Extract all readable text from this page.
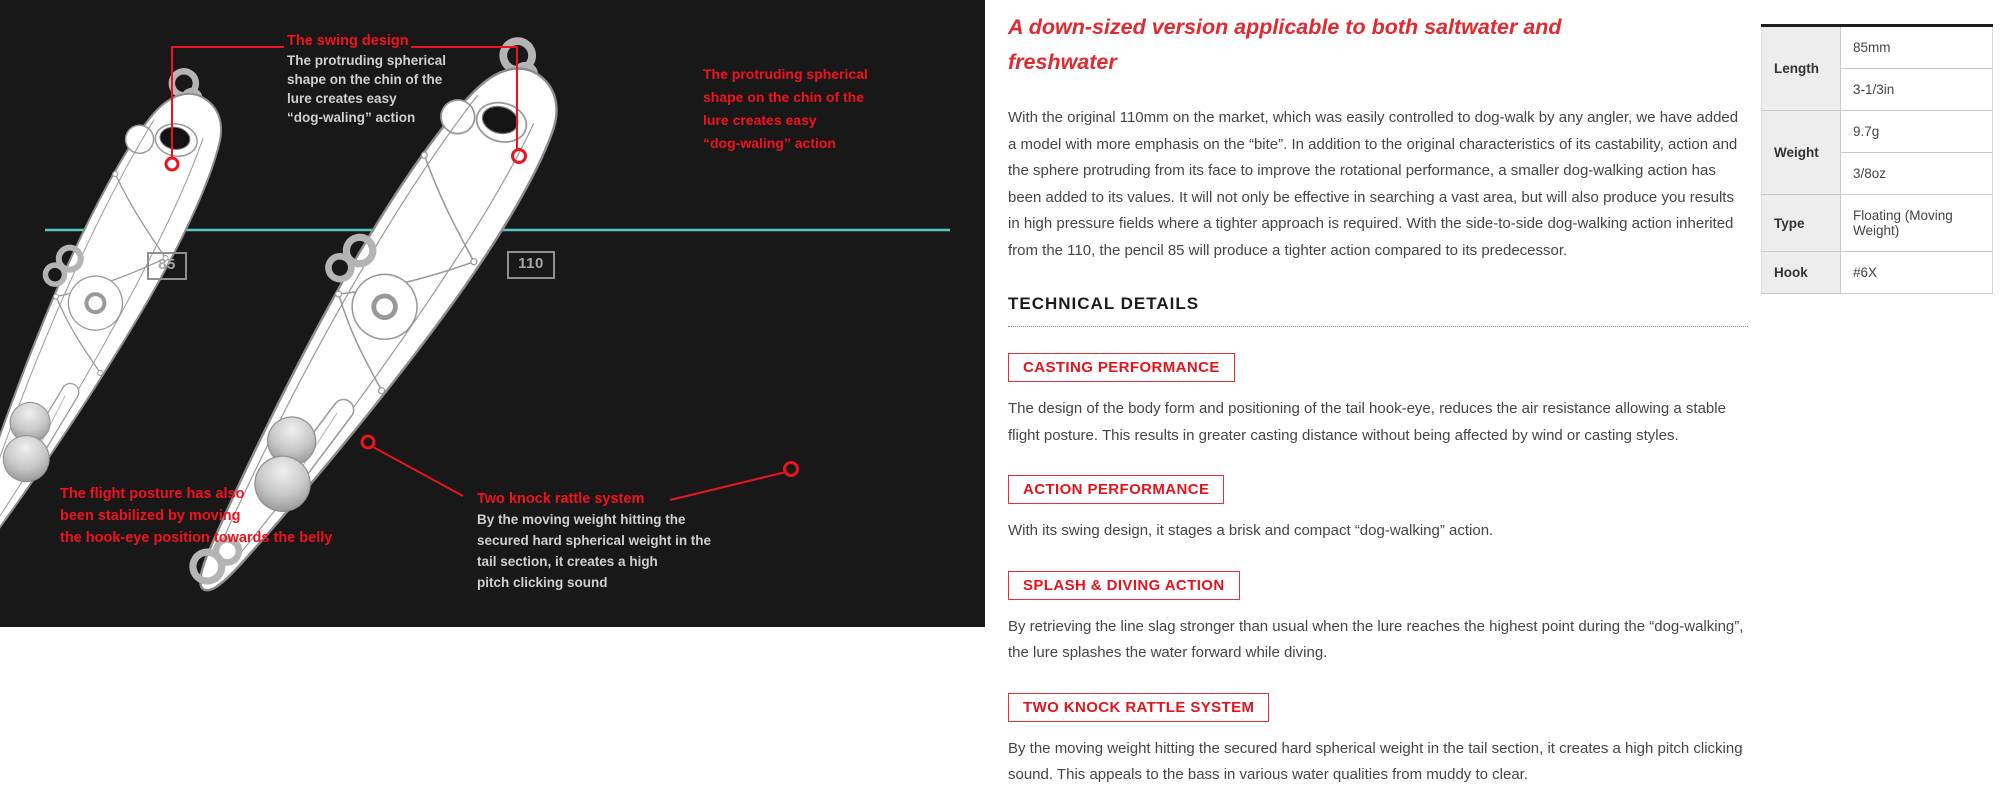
The swing design
The protruding spherical
shape on the chin of the
lure creates easy
“dog-waling” action
The protruding spherical
shape on the chin of the
lure creates easy
“dog-waling” action
85	110
The flight posture has also
been stabilized by moving
the hook-eye position towards the belly
Two knock rattle system
By the moving weight hitting the
secured hard spherical weight in the
tail section, it creates a high
pitch clicking sound
A down-sized version applicable to both saltwater and freshwater

With the original 110mm on the market, which was easily controlled to dog-walk by any angler, we have added a model with more emphasis on the “bite”. In addition to the original characteristics of its castability, action and the sphere protruding from its face to improve the rotational performance, a smaller dog-walking action has been added to its values. It will not only be effective in searching a vast area, but will also produce you results in high pressure fields where a tighter approach is required. With the side-to-side dog-walking action inherited from the 110, the pencil 85 will produce a tighter action compared to its predecessor.

TECHNICAL DETAILS
CASTING PERFORMANCE

The design of the body form and positioning of the tail hook-eye, reduces the air resistance allowing a stable flight posture. This results in greater casting distance without being affected by wind or casting styles.

ACTION PERFORMANCE

With its swing design, it stages a brisk and compact “dog-walking” action.

SPLASH & DIVING ACTION

By retrieving the line slag stronger than usual when the lure reaches the highest point during the “dog-walking”, the lure splashes the water forward while diving.

TWO KNOCK RATTLE SYSTEM

By the moving weight hitting the secured hard spherical weight in the tail section, it creates a high pitch clicking sound. This appeals to the bass in various water qualities from muddy to clear.

Length	85mm
	3-1/3in
Weight	9.7g
	3/8oz
Type	Floating (Moving Weight)
Hook	#6X
